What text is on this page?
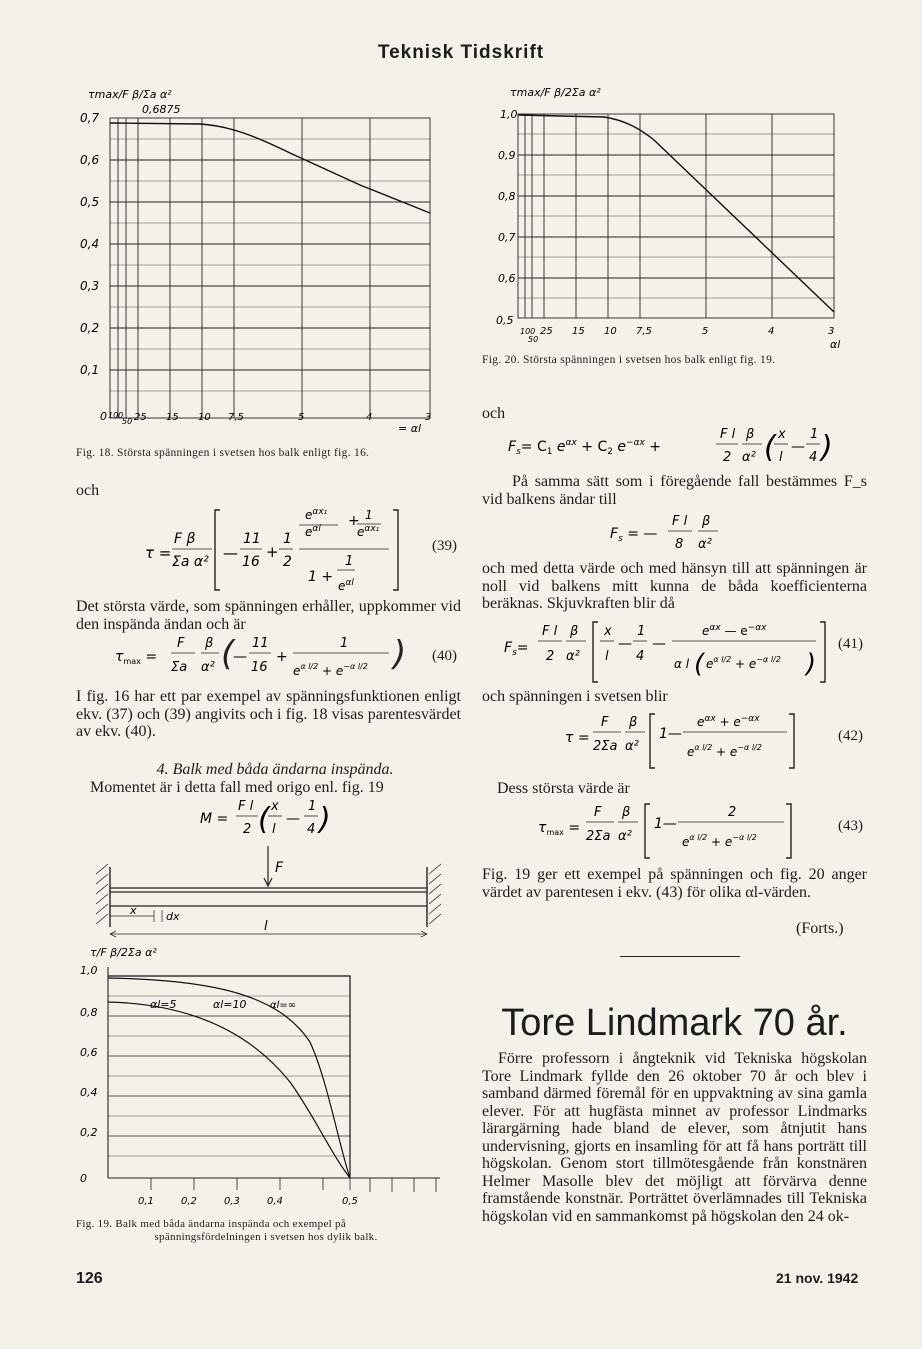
Teknisk Tidskrift
τmax/F β/Σa α²
0,6875
0,7
0,6
0,5
0,4
0,3
0,2
0,1
0 100
50 25 15 10 7,5	5	4	3
= αl
Fig. 18. Största spänningen i svetsen hos balk enligt fig. 16.
och
τ =
F β
Σa α² —
11
16
+
1
2
$e^{\alpha x_1}$
+ 1
$e^{\alpha x_1}$
$e^{\alpha l}$
1
1 +
$e^{\alpha l}$
(39)
Det största värde, som spänningen erhåller, uppkommer vid den inspända ändan och är
$\tau_{max}$ =
F
Σa
β
α² (
—
11
16
+
1
$e^{\alpha l/2} + e^{-\alpha l/2}$ ) (40)
I fig. 16 har ett par exempel av spänningsfunktionen enligt ekv. (37) och (39) angivits och i fig. 18 visas parentesvärdet av ekv. (40).
4. Balk med båda ändarna inspända.
Momentet är i detta fall med origo enl. fig. 19
M =
F l
2 ( x
l
—
1
4 )
F
x	dx
l
τ/F β/2Σa α²
1,0
0,8
0,6
0,4
0,2
0
0,1	0,2	0,3	0,4	0,5
αl=5	αl=10 αl=∞
Fig. 19. Balk med båda ändarna inspända och exempel på
spänningsfördelningen i svetsen hos dylik balk.
τmax/F β/2Σa α²
1,0
0,9
0,8
0,7
0,6
0,5
100
50
25 15 10 7,5	5	4	3
αl
Fig. 20. Största spänningen i svetsen hos balk enligt fig. 19.
och
$F_s= C_1$ $e^{\alpha x} + C_2$ $e^{-\alpha x}$ +
F l
2
β
α² ( x
l
—
1
4 )
På samma sätt som i föregående fall bestämmes F_s vid balkens ändar till
$F_s$ = —
F l
8
β
α²
och med detta värde och med hänsyn till att spänningen är noll vid balkens mitt kunna de båda koefficienterna beräknas. Skjuvkraften blir då
$F_s=$
F l
2
β
α²
x
l
—
1
4
—
$e^{\alpha x}$ — $e^{-\alpha x}$
α l ( $e^{\alpha l/2} + e^{-\alpha l/2}$ )
(41)
och spänningen i svetsen blir
τ =
F
2Σa
β
α²
1—
$e^{\alpha x} + e^{-\alpha x}$
$e^{\alpha l/2} + e^{-\alpha l/2}$
(42)
Dess största värde är
$\tau_{max}$ =
F
2Σa
β
α²
1—
2
$e^{\alpha l/2} + e^{-\alpha l/2}$
(43)
Fig. 19 ger ett exempel på spänningen och fig. 20 anger värdet av parentesen i ekv. (43) för olika αl-värden.
(Forts.)
Tore Lindmark 70 år.
Förre professorn i ångteknik vid Tekniska högskolan Tore Lindmark fyllde den 26 oktober 70 år och blev i samband därmed föremål för en uppvaktning av sina gamla elever. För att hugfästa minnet av professor Lindmarks lärargärning hade bland de elever, som åtnjutit hans undervisning, gjorts en insamling för att få hans porträtt till högskolan. Genom stort tillmötesgående från konstnären Helmer Masolle blev det möjligt att förvärva denne framstående konstnär. Porträttet överlämnades till Tekniska högskolan vid en sammankomst på högskolan den 24 ok-
126	21 nov. 1942
